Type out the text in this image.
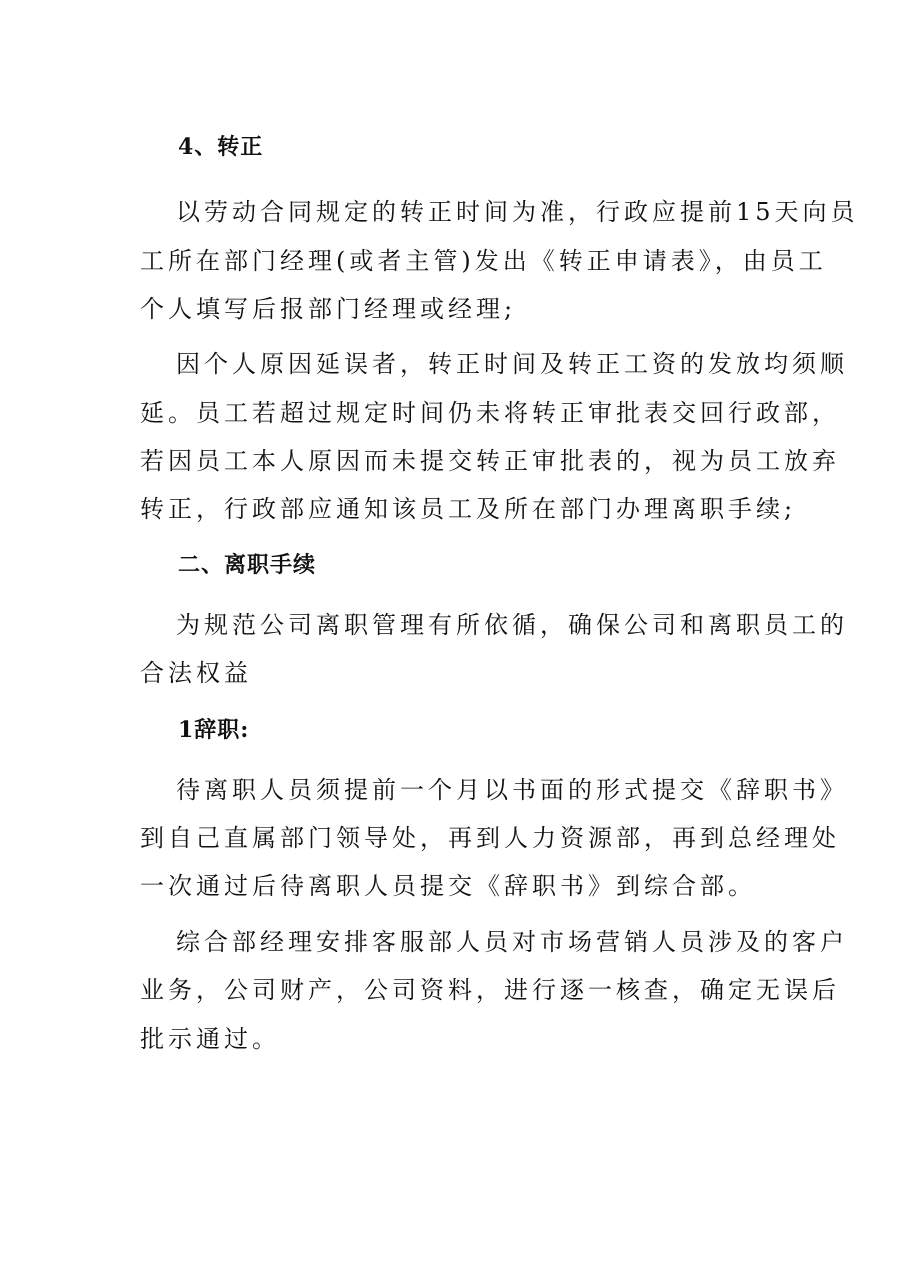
4、转正
以劳动合同规定的转正时间为准，行政应提前15天向员
工所在部门经理(或者主管)发出《转正申请表》，由员工
个人填写后报部门经理或经理;
因个人原因延误者，转正时间及转正工资的发放均须顺
延。员工若超过规定时间仍未将转正审批表交回行政部，
若因员工本人原因而未提交转正审批表的，视为员工放弃
转正，行政部应通知该员工及所在部门办理离职手续;
二、离职手续
为规范公司离职管理有所依循，确保公司和离职员工的
合法权益
1辞职:
待离职人员须提前一个月以书面的形式提交《辞职书》
到自己直属部门领导处，再到人力资源部，再到总经理处
一次通过后待离职人员提交《辞职书》到综合部。
综合部经理安排客服部人员对市场营销人员涉及的客户
业务，公司财产，公司资料，进行逐一核查，确定无误后
批示通过。
